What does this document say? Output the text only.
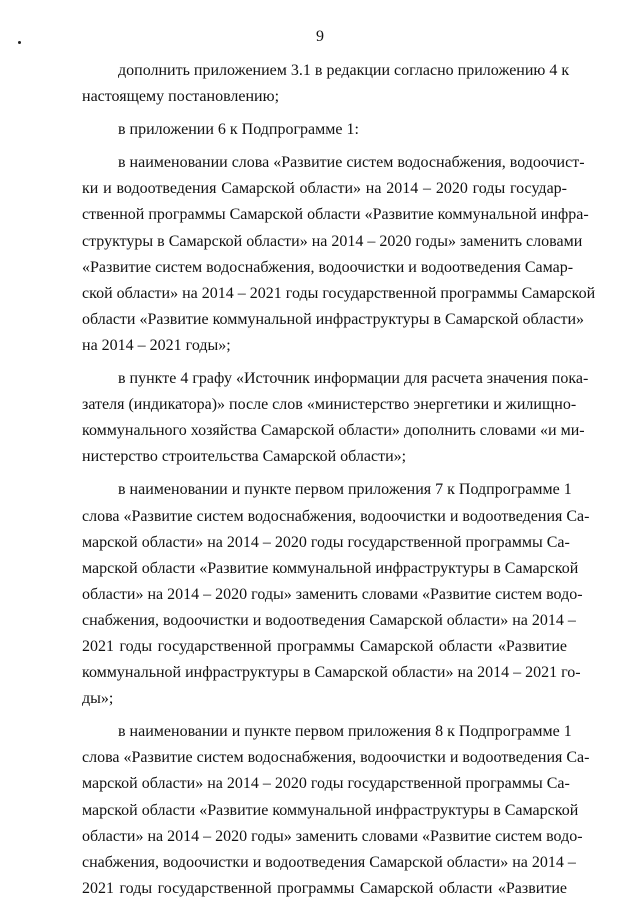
9
дополнить приложением 3.1 в редакции согласно приложению 4 к
настоящему постановлению;
в приложении 6 к Подпрограмме 1:
в наименовании слова «Развитие систем водоснабжения, водоочист-
ки и водоотведения Самарской области» на 2014 – 2020 годы государ-
ственной программы Самарской области «Развитие коммунальной инфра-
структуры в Самарской области» на 2014 – 2020 годы» заменить словами
«Развитие систем водоснабжения, водоочистки и водоотведения Самар-
ской области» на 2014 – 2021 годы государственной программы Самарской
области «Развитие коммунальной инфраструктуры в Самарской области»
на 2014 – 2021 годы»;
в пункте 4 графу «Источник информации для расчета значения пока-
зателя (индикатора)» после слов «министерство энергетики и жилищно-
коммунального хозяйства Самарской области» дополнить словами «и ми-
нистерство строительства Самарской области»;
в наименовании и пункте первом приложения 7 к Подпрограмме 1
слова «Развитие систем водоснабжения, водоочистки и водоотведения Са-
марской области» на 2014 – 2020 годы государственной программы Са-
марской области «Развитие коммунальной инфраструктуры в Самарской
области» на 2014 – 2020 годы» заменить словами «Развитие систем водо-
снабжения, водоочистки и водоотведения Самарской области» на 2014 –
2021 годы государственной программы Самарской области «Развитие
коммунальной инфраструктуры в Самарской области» на 2014 – 2021 го-
ды»;
в наименовании и пункте первом приложения 8 к Подпрограмме 1
слова «Развитие систем водоснабжения, водоочистки и водоотведения Са-
марской области» на 2014 – 2020 годы государственной программы Са-
марской области «Развитие коммунальной инфраструктуры в Самарской
области» на 2014 – 2020 годы» заменить словами «Развитие систем водо-
снабжения, водоочистки и водоотведения Самарской области» на 2014 –
2021 годы государственной программы Самарской области «Развитие
